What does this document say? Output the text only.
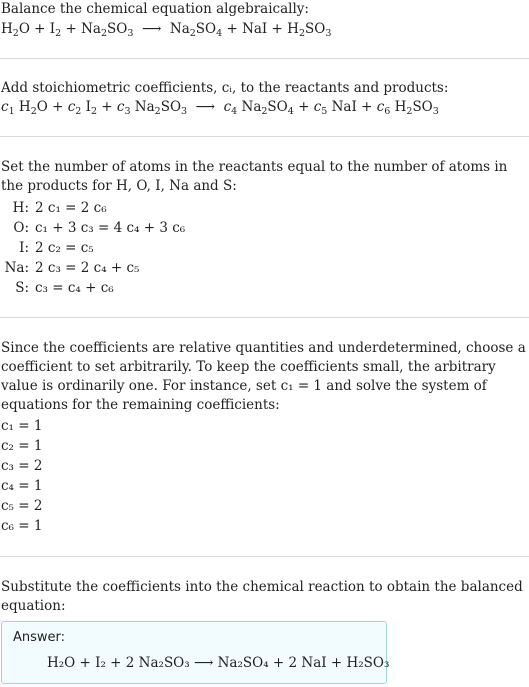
Balance the chemical equation algebraically:
$H_2O + I_2 + Na_2SO_3$  ⟶  $Na_2SO_4$ + NaI + $H_2SO_3$
Add stoichiometric coefficients, cᵢ, to the reactants and products:
$c_1$ $H_2O + c_2$ $I_2 + c_3$ $Na_2SO_3$  ⟶  $c_4$ $Na_2SO_4 + c_5$ NaI + $c_6$ $H_2SO_3$
Set the number of atoms in the reactants equal to the number of atoms in the products for H, O, I, Na and S:
H: 2 c₁ = 2 c₆
O: c₁ + 3 c₃ = 4 c₄ + 3 c₆
I: 2 c₂ = c₅
Na: 2 c₃ = 2 c₄ + c₅
S: c₃ = c₄ + c₆
Since the coefficients are relative quantities and underdetermined, choose a coefficient to set arbitrarily. To keep the coefficients small, the arbitrary value is ordinarily one. For instance, set c₁ = 1 and solve the system of equations for the remaining coefficients:
c₁ = 1
c₂ = 1
c₃ = 2
c₄ = 1
c₅ = 2
c₆ = 1
Substitute the coefficients into the chemical reaction to obtain the balanced equation:
Answer:
H₂O + I₂ + 2 Na₂SO₃ ⟶ Na₂SO₄ + 2 NaI + H₂SO₃
